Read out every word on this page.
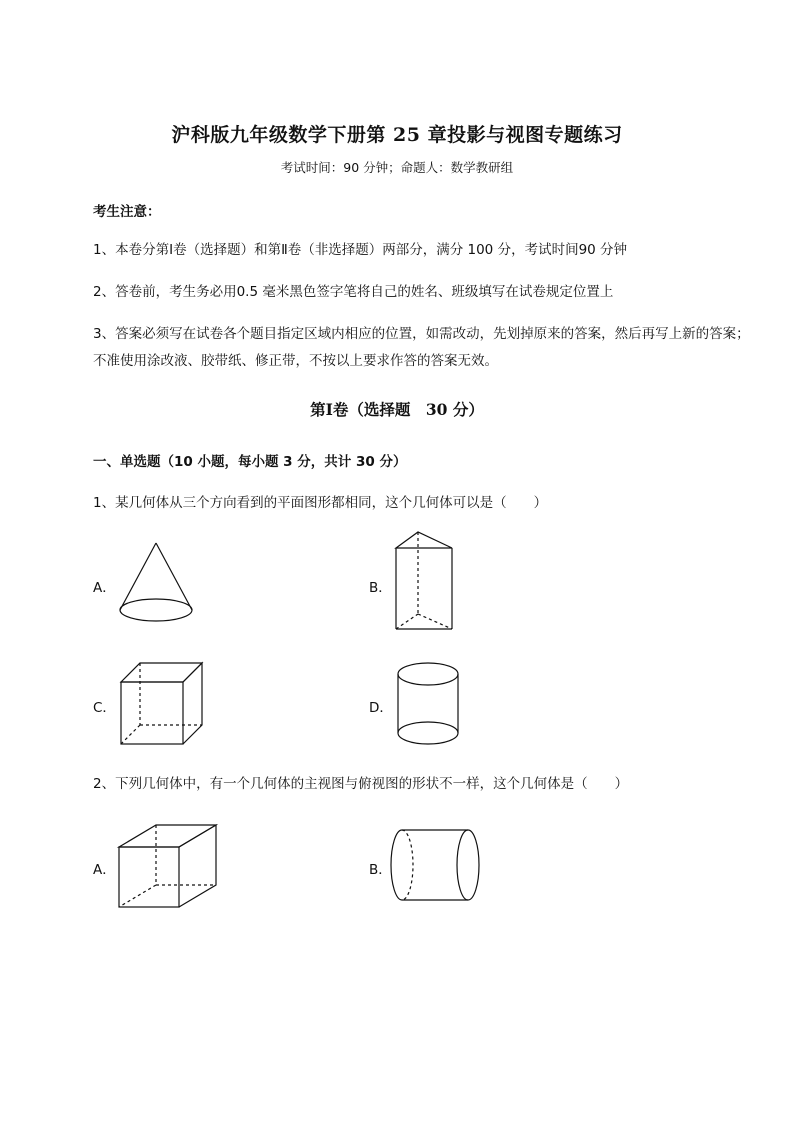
沪科版九年级数学下册第 25 章投影与视图专题练习
考试时间：90 分钟；命题人：数学教研组
考生注意：
1、本卷分第Ⅰ卷（选择题）和第Ⅱ卷（非选择题）两部分，满分 100 分，考试时间90 分钟
2、答卷前，考生务必用0.5 毫米黑色签字笔将自己的姓名、班级填写在试卷规定位置上
3、答案必须写在试卷各个题目指定区域内相应的位置，如需改动，先划掉原来的答案，然后再写上新的答案；不准使用涂改液、胶带纸、修正带，不按以上要求作答的答案无效。
第Ⅰ卷（选择题　30 分）
一、单选题（10 小题，每小题 3 分，共计 30 分）
1、某几何体从三个方向看到的平面图形都相同，这个几何体可以是（　　）
A．	B．
C．	D．
2、下列几何体中，有一个几何体的主视图与俯视图的形状不一样，这个几何体是（　　）
A．	B．
